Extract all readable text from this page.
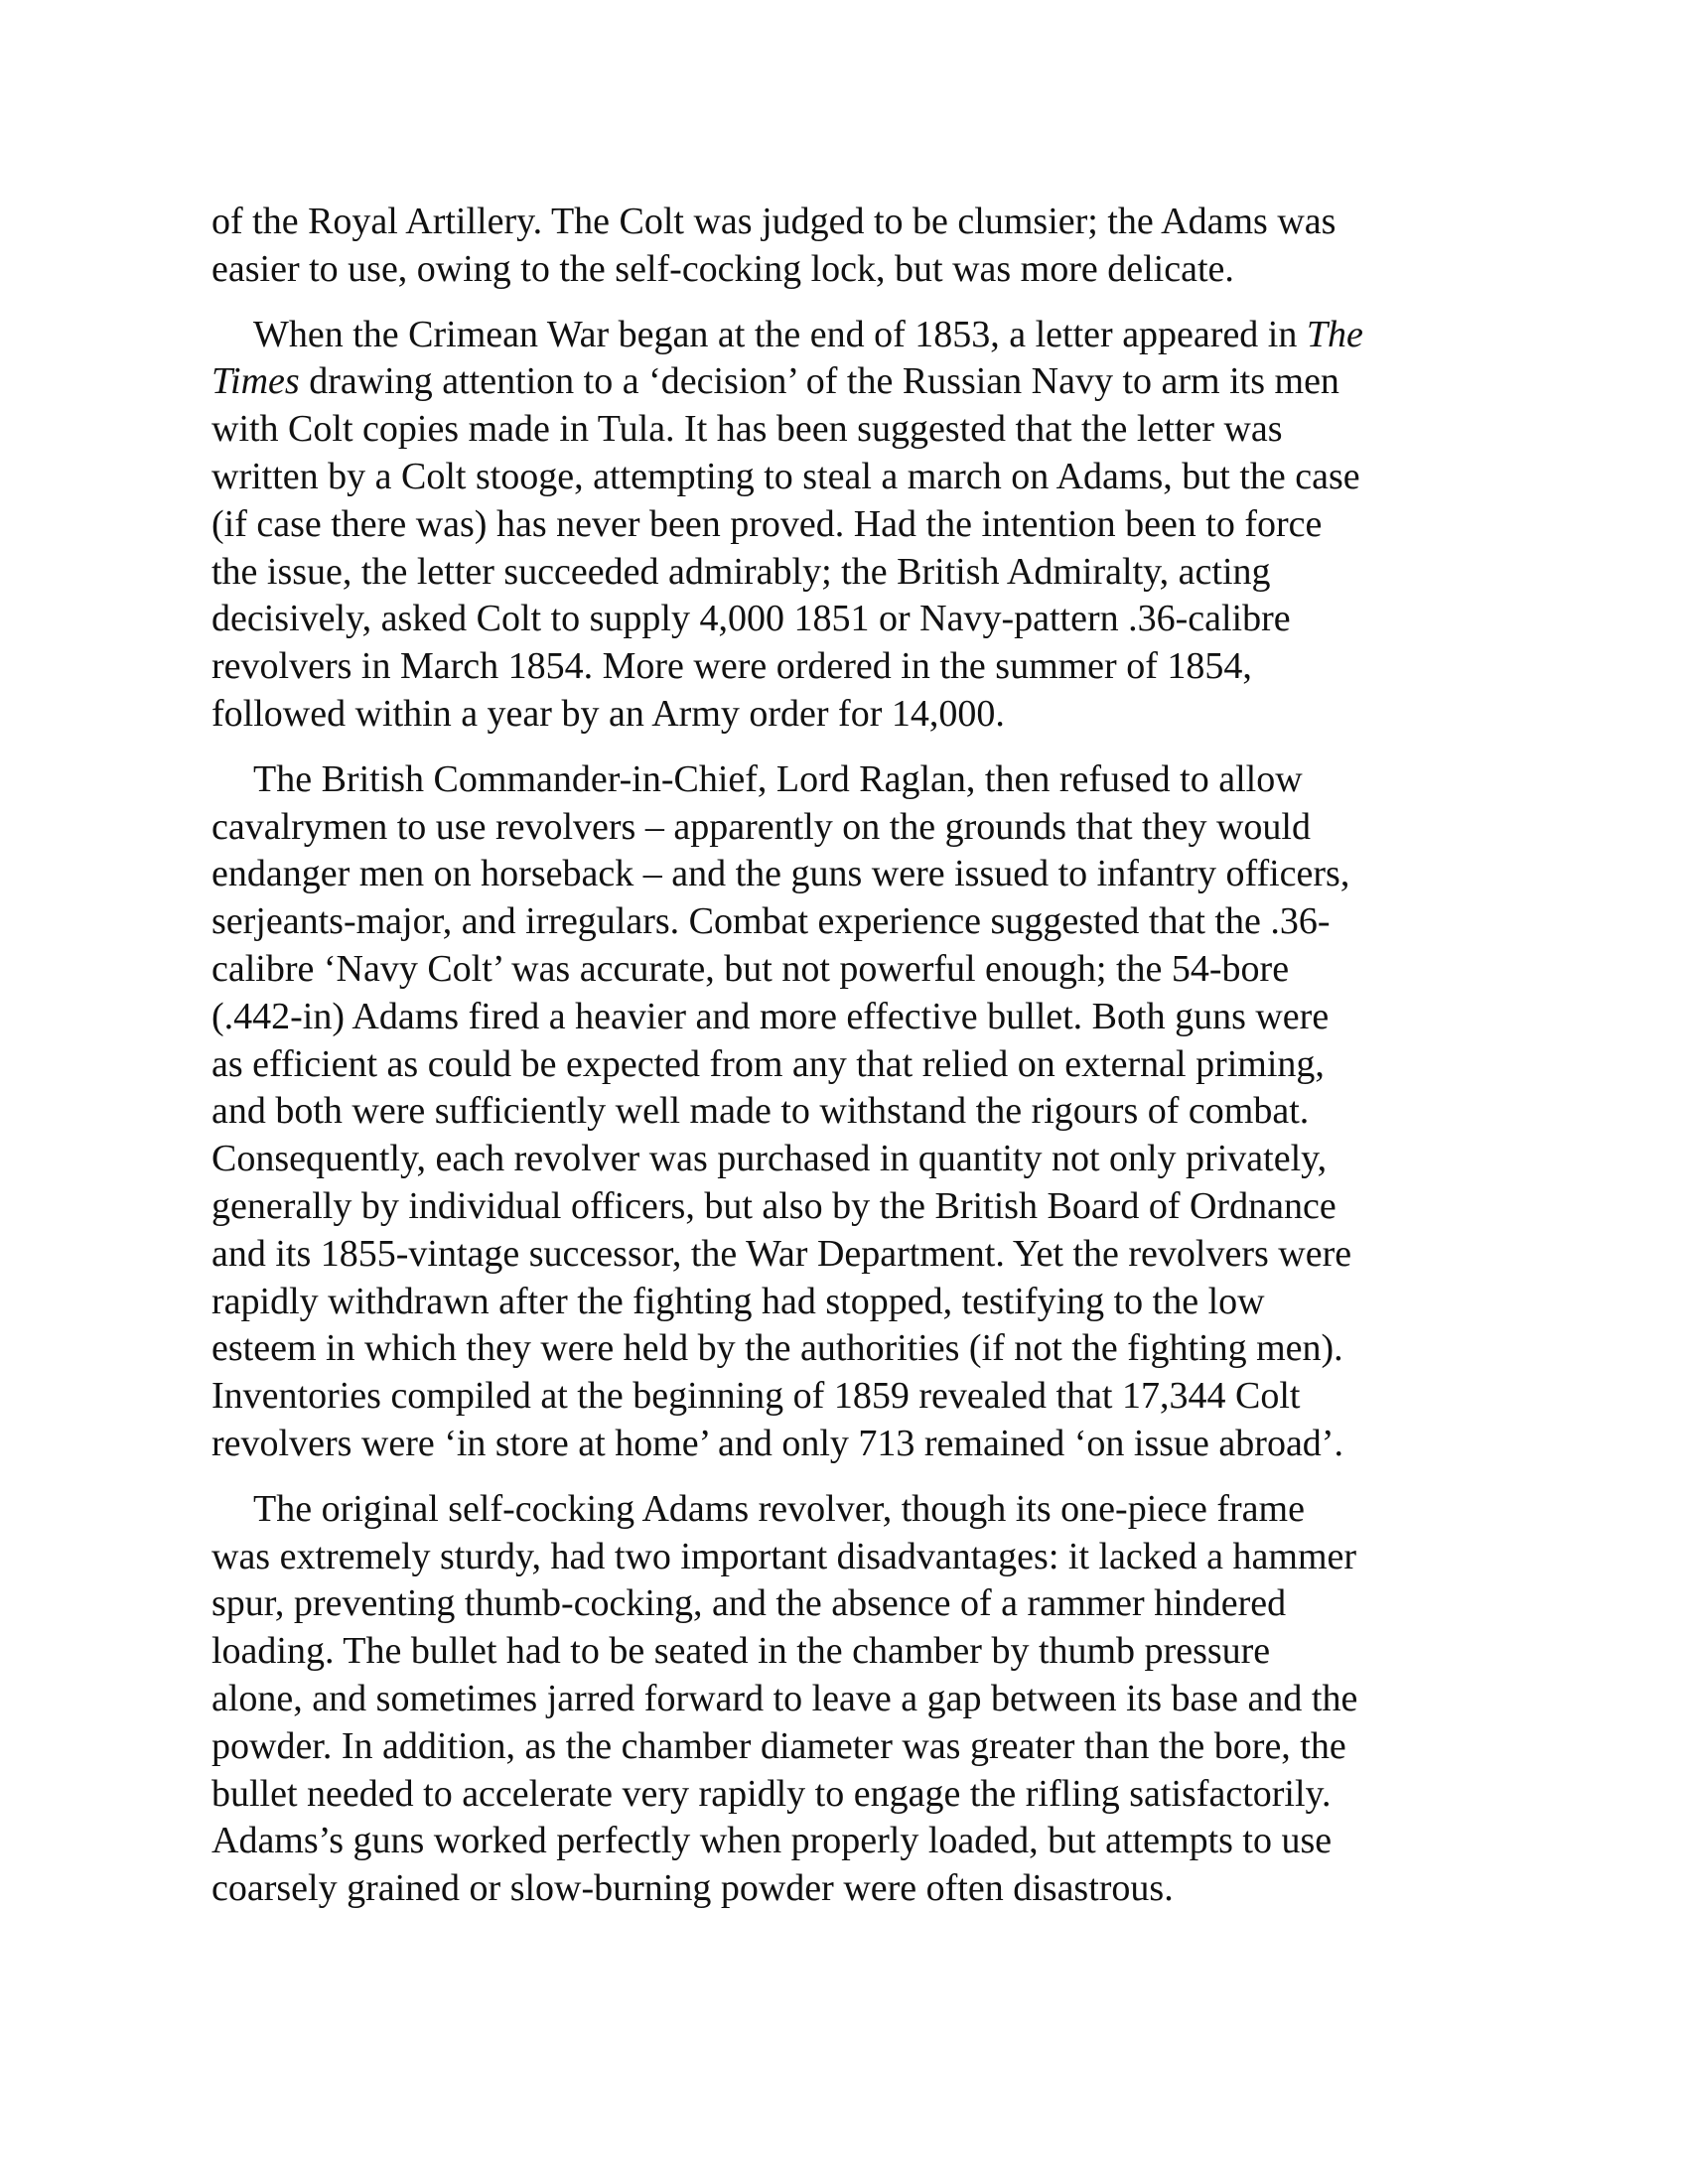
of the Royal Artillery. The Colt was judged to be clumsier; the Adams was
easier to use, owing to the self-cocking lock, but was more delicate.

When the Crimean War began at the end of 1853, a letter appeared in The
Times drawing attention to a ‘decision’ of the Russian Navy to arm its men
with Colt copies made in Tula. It has been suggested that the letter was
written by a Colt stooge, attempting to steal a march on Adams, but the case
(if case there was) has never been proved. Had the intention been to force
the issue, the letter succeeded admirably; the British Admiralty, acting
decisively, asked Colt to supply 4,000 1851 or Navy-pattern .36-calibre
revolvers in March 1854. More were ordered in the summer of 1854,
followed within a year by an Army order for 14,000.

The British Commander-in-Chief, Lord Raglan, then refused to allow
cavalrymen to use revolvers – apparently on the grounds that they would
endanger men on horseback – and the guns were issued to infantry officers,
serjeants-major, and irregulars. Combat experience suggested that the .36-
calibre ‘Navy Colt’ was accurate, but not powerful enough; the 54-bore
(.442-in) Adams fired a heavier and more effective bullet. Both guns were
as efficient as could be expected from any that relied on external priming,
and both were sufficiently well made to withstand the rigours of combat.
Consequently, each revolver was purchased in quantity not only privately,
generally by individual officers, but also by the British Board of Ordnance
and its 1855-vintage successor, the War Department. Yet the revolvers were
rapidly withdrawn after the fighting had stopped, testifying to the low
esteem in which they were held by the authorities (if not the fighting men).
Inventories compiled at the beginning of 1859 revealed that 17,344 Colt
revolvers were ‘in store at home’ and only 713 remained ‘on issue abroad’.

The original self-cocking Adams revolver, though its one-piece frame
was extremely sturdy, had two important disadvantages: it lacked a hammer
spur, preventing thumb-cocking, and the absence of a rammer hindered
loading. The bullet had to be seated in the chamber by thumb pressure
alone, and sometimes jarred forward to leave a gap between its base and the
powder. In addition, as the chamber diameter was greater than the bore, the
bullet needed to accelerate very rapidly to engage the rifling satisfactorily.
Adams’s guns worked perfectly when properly loaded, but attempts to use
coarsely grained or slow-burning powder were often disastrous.
